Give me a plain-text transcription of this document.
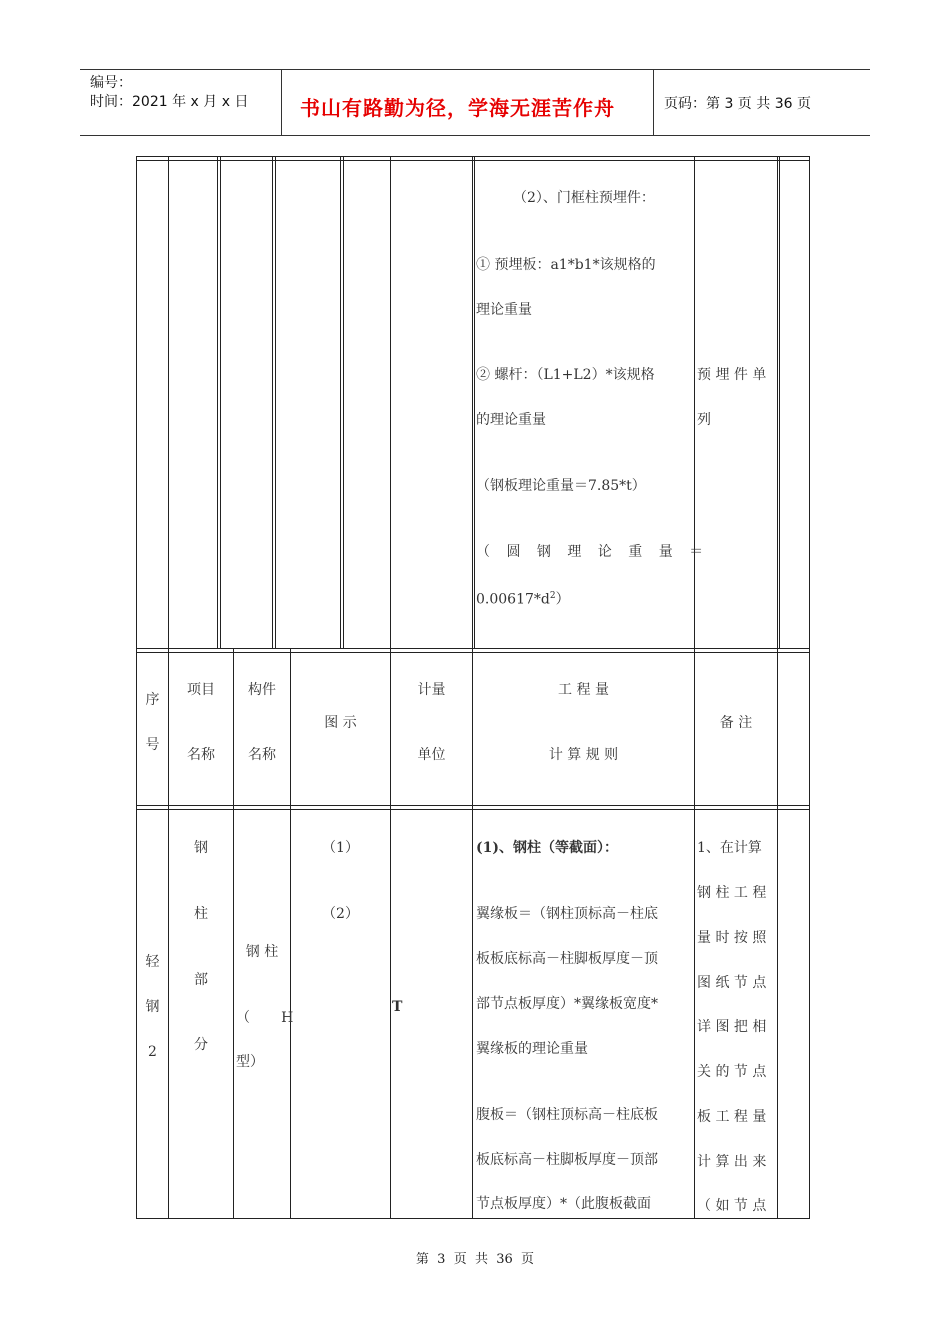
编号：
时间：2021 年 x 月 x 日	书山有路勤为径，学海无涯苦作舟	页码：第 3 页 共 36 页
（2）、门框柱预埋件：
① 预埋板：a1*b1*该规格的
理论重量
② 螺杆：（L1+L2）*该规格
的理论重量
（钢板理论重量＝7.85*t）
（ 圆 钢 理 论 重 量 ＝
$0.00617*d^2$）
预 埋 件 单
列
序
号
项目
名称
构件
名称
图 示
计量
单位
工 程 量
计 算 规 则
备 注
轻
钢
2
钢
柱
部
分
钢 柱
（       H
型）
（1）
（2）
T
(1)、钢柱（等截面）：
翼缘板＝（钢柱顶标高－柱底
板板底标高－柱脚板厚度－顶
部节点板厚度）*翼缘板宽度*
翼缘板的理论重量
腹板＝（钢柱顶标高－柱底板
板底标高－柱脚板厚度－顶部
节点板厚度）*（此腹板截面
1、在计算
钢 柱 工 程
量 时 按 照
图 纸 节 点
详 图 把 相
关 的 节 点
板 工 程 量
计 算 出 来
（ 如 节 点
第  3  页  共  36  页
